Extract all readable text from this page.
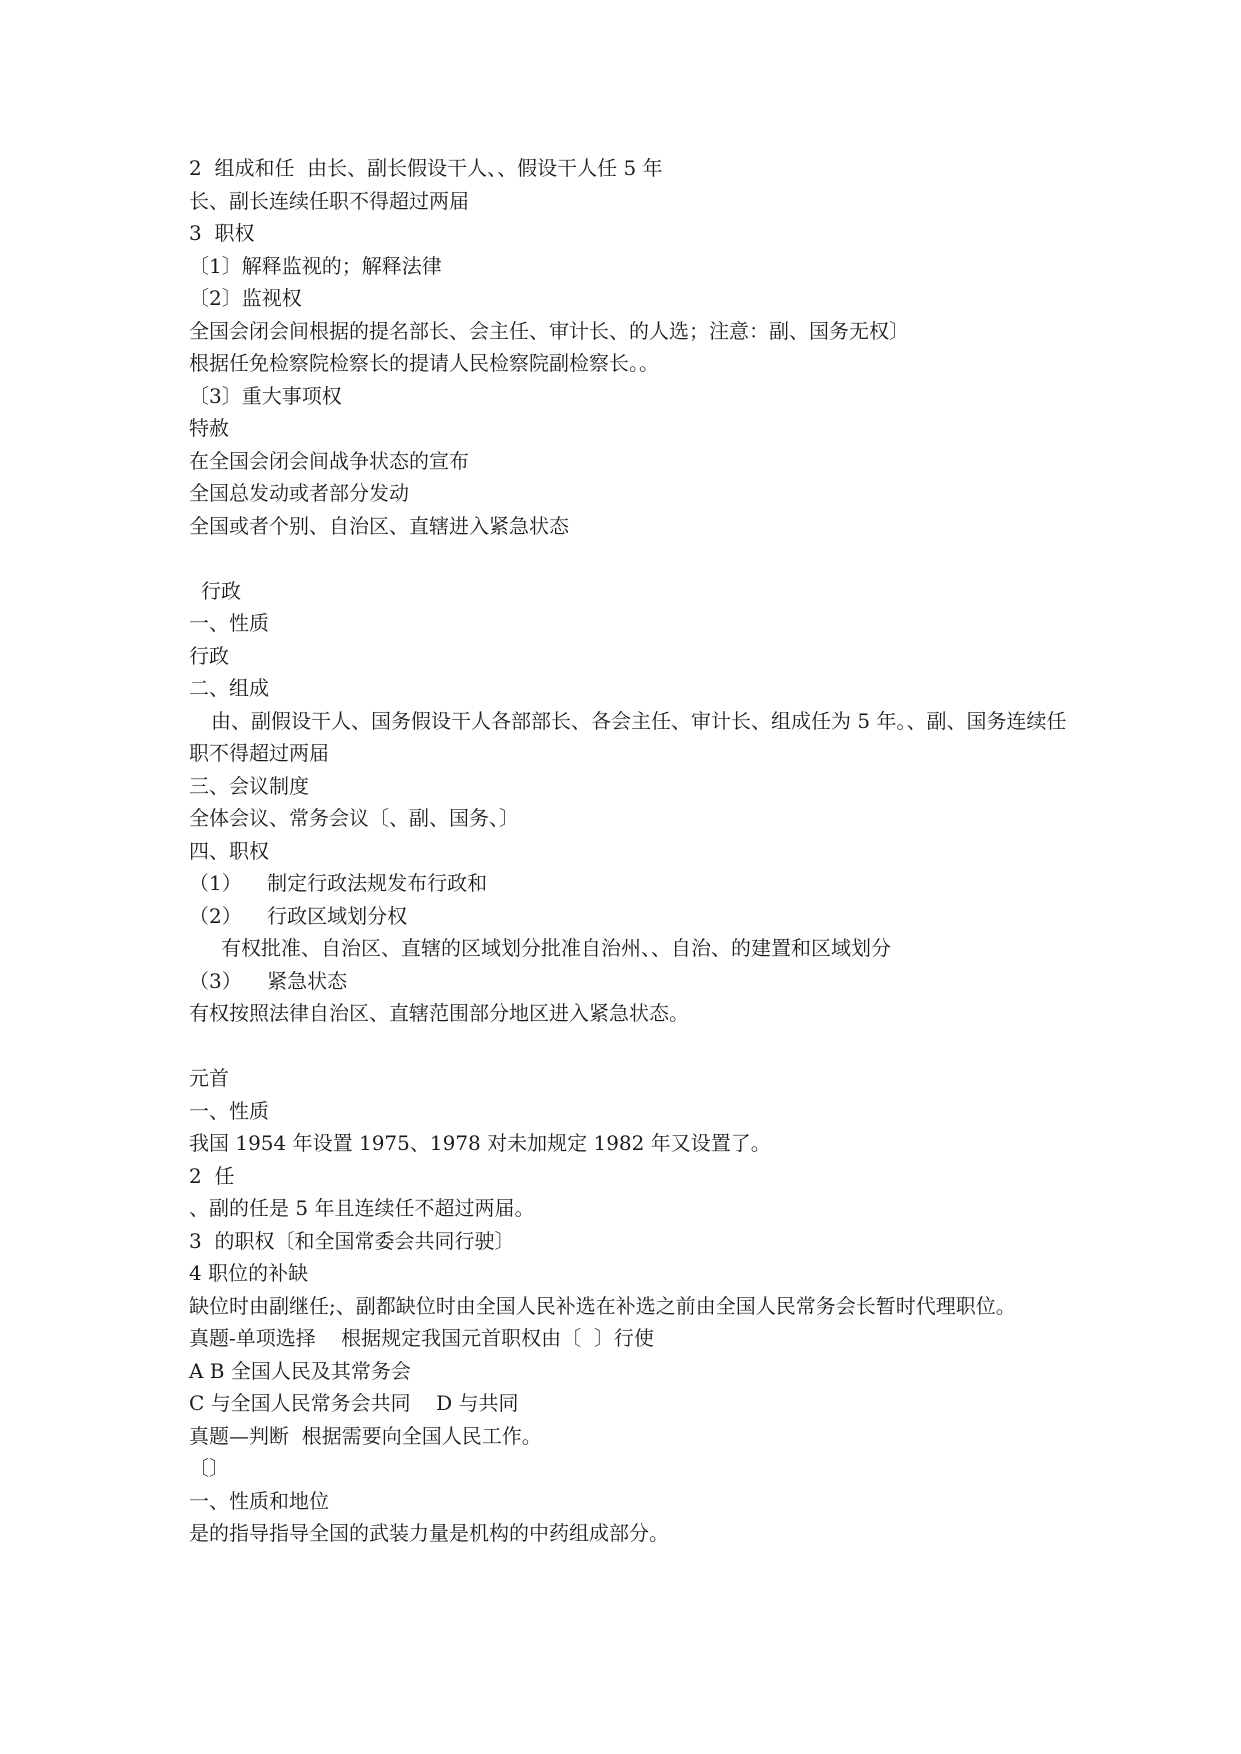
2  组成和任  由长、副长假设干人、、假设干人任 5 年

长、副长连续任职不得超过两届

3  职权

〔1〕解释监视的；解释法律

〔2〕监视权

全国会闭会间根据的提名部长、会主任、审计长、的人选；注意：副、国务无权〕

根据任免检察院检察长的提请人民检察院副检察长。。

〔3〕重大事项权

特赦

在全国会闭会间战争状态的宣布

全国总发动或者部分发动

全国或者个别、自治区、直辖进入紧急状态

行政

一、性质

行政

二、组成

由、副假设干人、国务假设干人各部部长、各会主任、审计长、组成任为 5 年。、副、国务连续任职不得超过两届

三、会议制度

全体会议、常务会议〔、副、国务、〕

四、职权

（1）    制定行政法规发布行政和

（2）    行政区域划分权

有权批准、自治区、直辖的区域划分批准自治州、、自治、的建置和区域划分

（3）    紧急状态

有权按照法律自治区、直辖范围部分地区进入紧急状态。

元首

一、性质

我国 1954 年设置 1975、1978 对未加规定 1982 年又设置了。

2  任

、副的任是 5 年且连续任不超过两届。

3  的职权〔和全国常委会共同行驶〕

4 职位的补缺

缺位时由副继任;、副都缺位时由全国人民补选在补选之前由全国人民常务会长暂时代理职位。

真题-单项选择    根据规定我国元首职权由〔  〕行使

A B 全国人民及其常务会

C 与全国人民常务会共同    D 与共同

真题—判断  根据需要向全国人民工作。

〔〕

一、性质和地位

是的指导指导全国的武装力量是机构的中药组成部分。
